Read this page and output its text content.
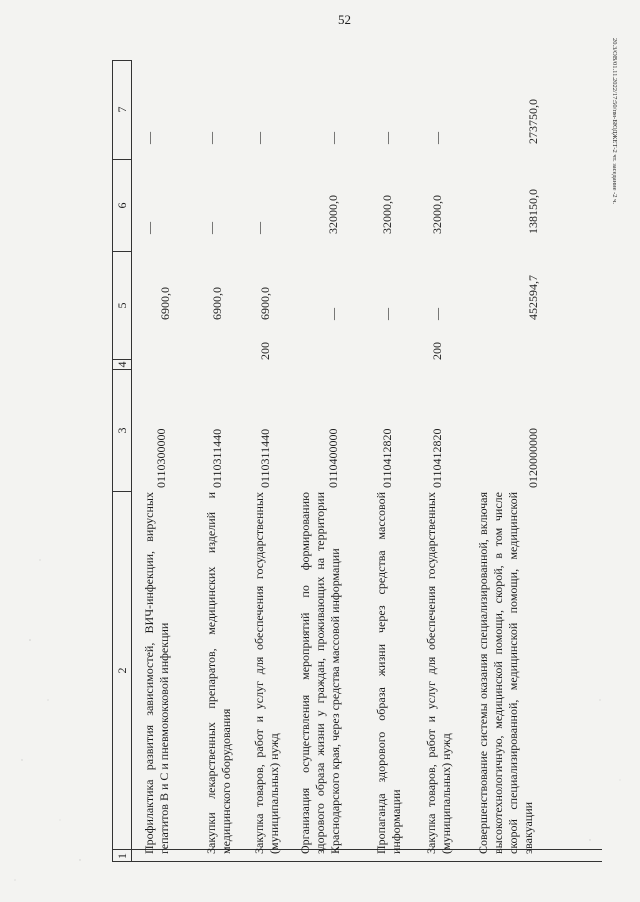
52
20.3/OB/01.11.2022/17:50/пм-БЮДЖЕТ-2 чт. заседание -2 ч.
1
2
3
4
5
6
7
Профилактика развития зависимостей, ВИЧ-инфекции, вирусных гепатитов В и С и пневмококковой инфекции
0110300000
6900,0
—
—
Закупки лекарственных препаратов, медицинских изделий и медицинского оборудования
0110311440
6900,0
—
—
Закупка товаров, работ и услуг для обеспечения государственных (муниципальных) нужд
0110311440
200
6900,0
—
—
Организация осуществления мероприятий по формированию здорового образа жизни у граждан, проживающих на территории Краснодарского края, через средства массовой информации
0110400000
—
32000,0
—
Пропаганда здорового образа жизни через средства массовой информации
0110412820
—
32000,0
—
Закупка товаров, работ и услуг для обеспечения государственных (муниципальных) нужд
0110412820
200
—
32000,0
—
Совершенствование системы оказания специализированной, включая высокотехнологичную, медицинской помощи, скорой, в том числе скорой специализированной, медицинской помощи, медицинской эвакуации
0120000000
452594,7
138150,0
273750,0
